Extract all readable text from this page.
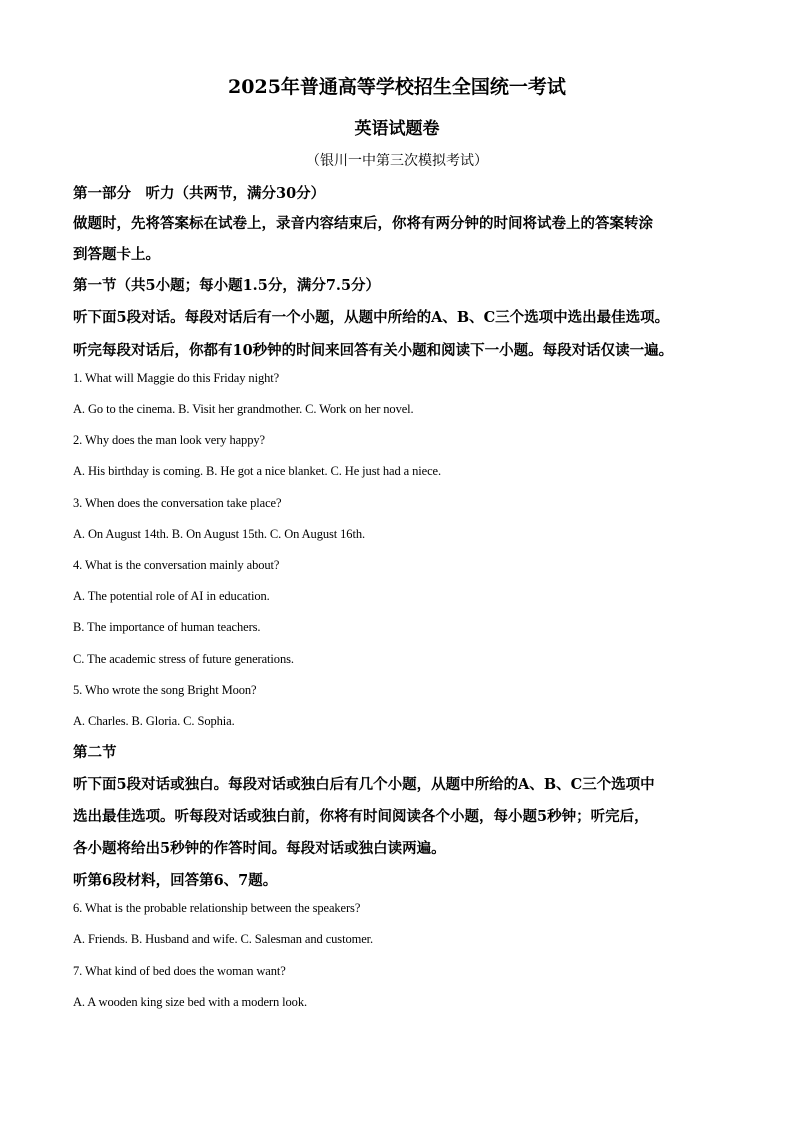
2025年普通高等学校招生全国统一考试
英语试题卷
（银川一中第三次模拟考试）
第一部分　听力（共两节，满分30分）
做题时，先将答案标在试卷上，录音内容结束后，你将有两分钟的时间将试卷上的答案转涂
到答题卡上。
第一节（共5小题；每小题1.5分，满分7.5分）
听下面5段对话。每段对话后有一个小题，从题中所给的A、B、C三个选项中选出最佳选项。
听完每段对话后，你都有10秒钟的时间来回答有关小题和阅读下一小题。每段对话仅读一遍。
1. What will Maggie do this Friday night?
A. Go to the cinema. B. Visit her grandmother. C. Work on her novel.
2. Why does the man look very happy?
A. His birthday is coming. B. He got a nice blanket. C. He just had a niece.
3. When does the conversation take place?
A. On August 14th. B. On August 15th. C. On August 16th.
4. What is the conversation mainly about?
A. The potential role of AI in education.
B. The importance of human teachers.
C. The academic stress of future generations.
5. Who wrote the song Bright Moon?
A. Charles. B. Gloria. C. Sophia.
第二节
听下面5段对话或独白。每段对话或独白后有几个小题，从题中所给的A、B、C三个选项中
选出最佳选项。听每段对话或独白前，你将有时间阅读各个小题，每小题5秒钟；听完后，
各小题将给出5秒钟的作答时间。每段对话或独白读两遍。
听第6段材料，回答第6、7题。
6. What is the probable relationship between the speakers?
A. Friends. B. Husband and wife. C. Salesman and customer.
7. What kind of bed does the woman want?
A. A wooden king size bed with a modern look.
